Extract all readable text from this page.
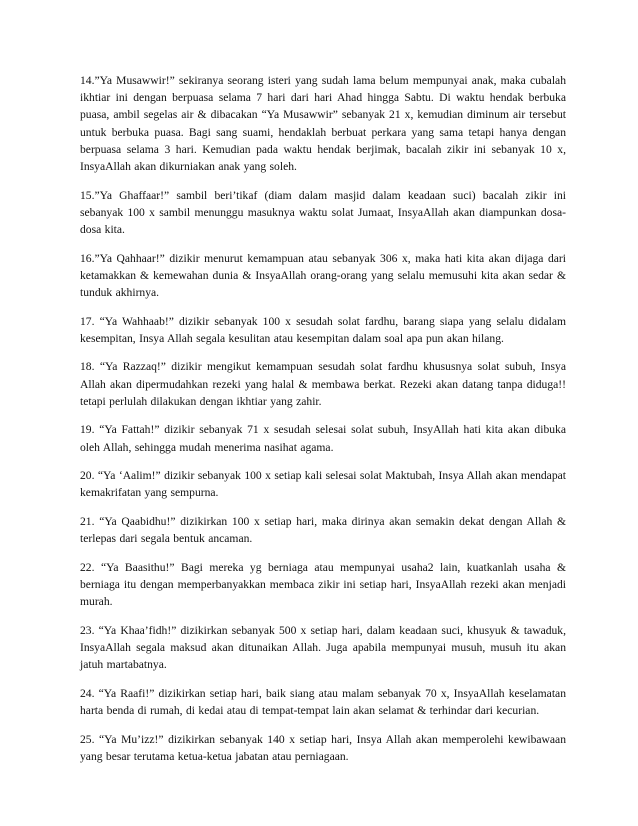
14.”Ya Musawwir!” sekiranya seorang isteri yang sudah lama belum mempunyai anak, maka cubalah ikhtiar ini dengan berpuasa selama 7 hari dari hari Ahad hingga Sabtu. Di waktu hendak berbuka puasa, ambil segelas air & dibacakan “Ya Musawwir” sebanyak 21 x, kemudian diminum air tersebut untuk berbuka puasa. Bagi sang suami, hendaklah berbuat perkara yang sama tetapi hanya dengan berpuasa selama 3 hari. Kemudian pada waktu hendak berjimak, bacalah zikir ini sebanyak 10 x, InsyaAllah akan dikurniakan anak yang soleh.

15.”Ya Ghaffaar!” sambil beri’tikaf (diam dalam masjid dalam keadaan suci) bacalah zikir ini sebanyak 100 x sambil menunggu masuknya waktu solat Jumaat, InsyaAllah akan diampunkan dosa-dosa kita.

16.”Ya Qahhaar!” dizikir menurut kemampuan atau sebanyak 306 x, maka hati kita akan dijaga dari ketamakkan & kemewahan dunia & InsyaAllah orang-orang yang selalu memusuhi kita akan sedar & tunduk akhirnya.

17. “Ya Wahhaab!” dizikir sebanyak 100 x sesudah solat fardhu, barang siapa yang selalu didalam kesempitan, Insya Allah segala kesulitan atau kesempitan dalam soal apa pun akan hilang.

18. “Ya Razzaq!” dizikir mengikut kemampuan sesudah solat fardhu khususnya solat subuh, Insya Allah akan dipermudahkan rezeki yang halal & membawa berkat. Rezeki akan datang tanpa diduga!! tetapi perlulah dilakukan dengan ikhtiar yang zahir.

19. “Ya Fattah!” dizikir sebanyak 71 x sesudah selesai solat subuh, InsyAllah hati kita akan dibuka oleh Allah, sehingga mudah menerima nasihat agama.

20. “Ya ‘Aalim!” dizikir sebanyak 100 x setiap kali selesai solat Maktubah, Insya Allah akan mendapat kemakrifatan yang sempurna.

21. “Ya Qaabidhu!” dizikirkan 100 x setiap hari, maka dirinya akan semakin dekat dengan Allah & terlepas dari segala bentuk ancaman.

22. “Ya Baasithu!” Bagi mereka yg berniaga atau mempunyai usaha2 lain, kuatkanlah usaha & berniaga itu dengan memperbanyakkan membaca zikir ini setiap hari, InsyaAllah rezeki akan menjadi murah.

23. “Ya Khaa’fidh!” dizikirkan sebanyak 500 x setiap hari, dalam keadaan suci, khusyuk & tawaduk, InsyaAllah segala maksud akan ditunaikan Allah. Juga apabila mempunyai musuh, musuh itu akan jatuh martabatnya.

24. “Ya Raafi!” dizikirkan setiap hari, baik siang atau malam sebanyak 70 x, InsyaAllah keselamatan harta benda di rumah, di kedai atau di tempat-tempat lain akan selamat & terhindar dari kecurian.

25. “Ya Mu’izz!” dizikirkan sebanyak 140 x setiap hari, Insya Allah akan memperolehi kewibawaan yang besar terutama ketua-ketua jabatan atau perniagaan.
